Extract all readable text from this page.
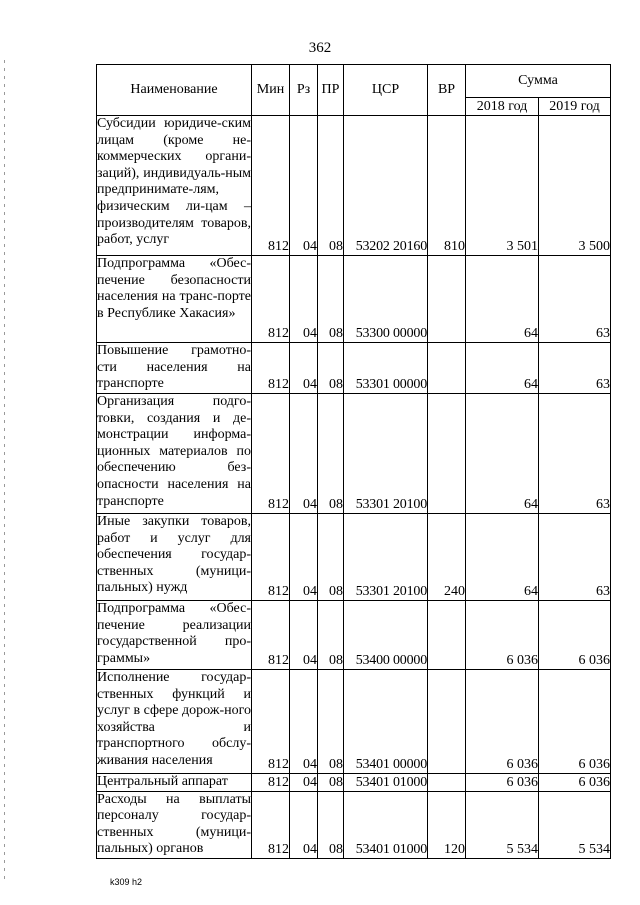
362
Наименование	Мин	Рз	ПР	ЦСР	ВР	Сумма	
						2018 год	2019 год
Субсидии юридиче-ским лицам (кроме не-коммерческих органи-заций), индивидуаль-ным предпринимате-лям, физическим ли-цам – производителям товаров, работ, услуг	812	04	08	53202 20160	810	3 501	3 500
Подпрограмма «Обес-печение безопасности населения на транс-порте в Республике Хакасия»	812	04	08	53300 00000		64	63
Повышение грамотно-сти населения на транспорте	812	04	08	53301 00000		64	63
Организация подго-товки, создания и де-монстрации информа-ционных материалов по обеспечению без-опасности населения на транспорте	812	04	08	53301 20100		64	63
Иные закупки товаров, работ и услуг для обеспечения государ-ственных (муници-пальных) нужд	812	04	08	53301 20100	240	64	63
Подпрограмма «Обес-печение реализации государственной про-граммы»	812	04	08	53400 00000		6 036	6 036
Исполнение государ-ственных функций и услуг в сфере дорож-ного хозяйства и транспортного обслу-живания населения	812	04	08	53401 00000		6 036	6 036
Центральный аппарат	812	04	08	53401 01000		6 036	6 036
Расходы на выплаты персоналу государ-ственных (муници-пальных) органов	812	04	08	53401 01000	120	5 534	5 534
k309 h2
